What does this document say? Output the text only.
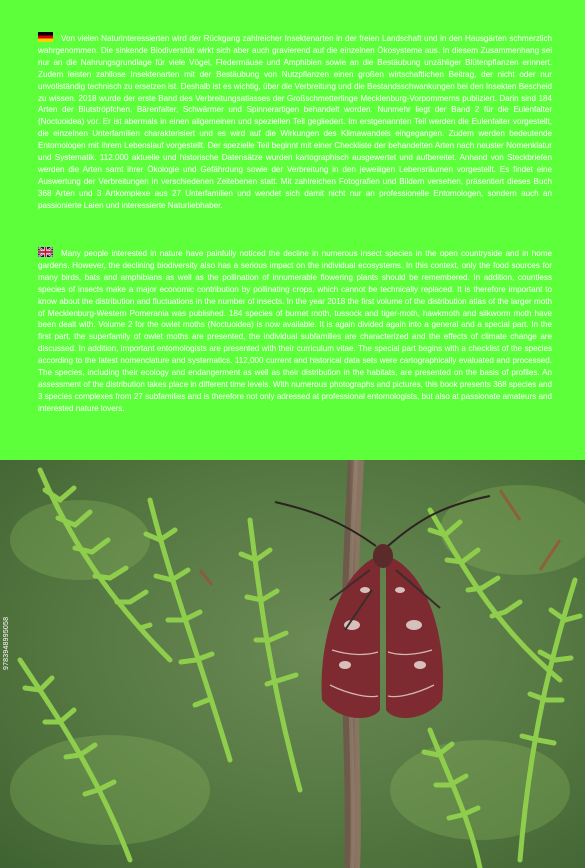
Von vielen Naturinteressierten wird der Rückgang zahlreicher Insektenarten in der freien Landschaft und in den Hausgärten schmerzlich wahrgenommen. Die sinkende Biodiversität wirkt sich aber auch gravierend auf die einzelnen Ökosysteme aus. In diesem Zusammenhang sei nur an die Nahrungsgrundlage für viele Vögel, Fledermäuse und Amphibien sowie an die Bestäubung unzähliger Blütenpflanzen erinnert. Zudem leisten zahllose Insektenarten mit der Bestäubung von Nutzpflanzen einen großen wirtschaftlichen Beitrag, der nicht oder nur unvollständig technisch zu ersetzen ist. Deshalb ist es wichtig, über die Verbreitung und die Bestandsschwankungen bei den Insekten Bescheid zu wissen. 2018 wurde der erste Band des Verbreitungsatlasses der Großschmetterlinge Mecklenburg-Vorpommerns publiziert. Darin sind 184 Arten der Blutströpfchen, Bärenfalter, Schwärmer und Spinnerartigen behandelt worden. Nunmehr liegt der Band 2 für die Eulenfalter (Noctuoidea) vor. Er ist abermals in einen allgemeinen und speziellen Teil gegliedert. Im erstgenannten Teil werden die Eulenfalter vorgestellt, die einzelnen Unterfamilien charakterisiert und es wird auf die Wirkungen des Klimawandels eingegangen. Zudem werden bedeutende Entomologen mit ihrem Lebenslauf vorgestellt. Der spezielle Teil beginnt mit einer Checkliste der behandelten Arten nach neuster Nomenklatur und Systematik. 112.000 aktuelle und historische Datensätze wurden kartographisch ausgewertet und aufbereitet. Anhand von Steckbriefen werden die Arten samt ihrer Ökologie und Gefährdung sowie der Verbreitung in den jeweiligen Lebensräumen vorgestellt. Es findet eine Auswertung der Verbreitungen in verschiedenen Zeitebenen statt. Mit zahlreichen Fotografien und Bildern versehen, präsentiert dieses Buch 368 Arten und 3 Artkomplexe aus 27 Unterfamilien und wendet sich damit nicht nur an professionelle Entomologen, sondern auch an passionierte Laien und interessierte Naturliebhaber.
Many people interested in nature have painfully noticed the decline in numerous insect species in the open countryside and in home gardens. However, the declining biodiversity also has a serious impact on the individual ecosystems. In this context, only the food sources for many birds, bats and amphibians as well as the pollination of innumerable flowering plants should be remembered. In addition, countless species of insects make a major economic contribution by pollinating crops, which cannot be technically replaced. It is therefore important to know about the distribution and fluctuations in the number of insects. In the year 2018 the first volume of the distribution atlas of the larger moth of Mecklenburg-Western Pomerania was published. 184 species of burnet moth, tussock and tiger-moth, hawkmoth and silkworm moth have been dealt with. Volume 2 for the owlet moths (Noctuoidea) is now available. It is again divided again into a general and a special part. In the first part, the superfamily of owlet moths are presented, the individual subfamilies are characterized and the effects of climate change are discussed. In addition, important entomologists are presented with their curriculum vitae. The special part begins with a checklist of the species according to the latest nomenclature and systematics. 112,000 current and historical data sets were cartographically evaluated and processed. The species, including their ecology and endangerment as well as their distribution in the habitats, are presented on the basis of profiles. An assessment of the distribution takes place in different time levels. With numerous photographs and pictures, this book presents 368 species and 3 species complexes from 27 subfamilies and is therefore not only adressed at professional entomologists, but also at passionate amateurs and interested nature lovers.
9783948995058
